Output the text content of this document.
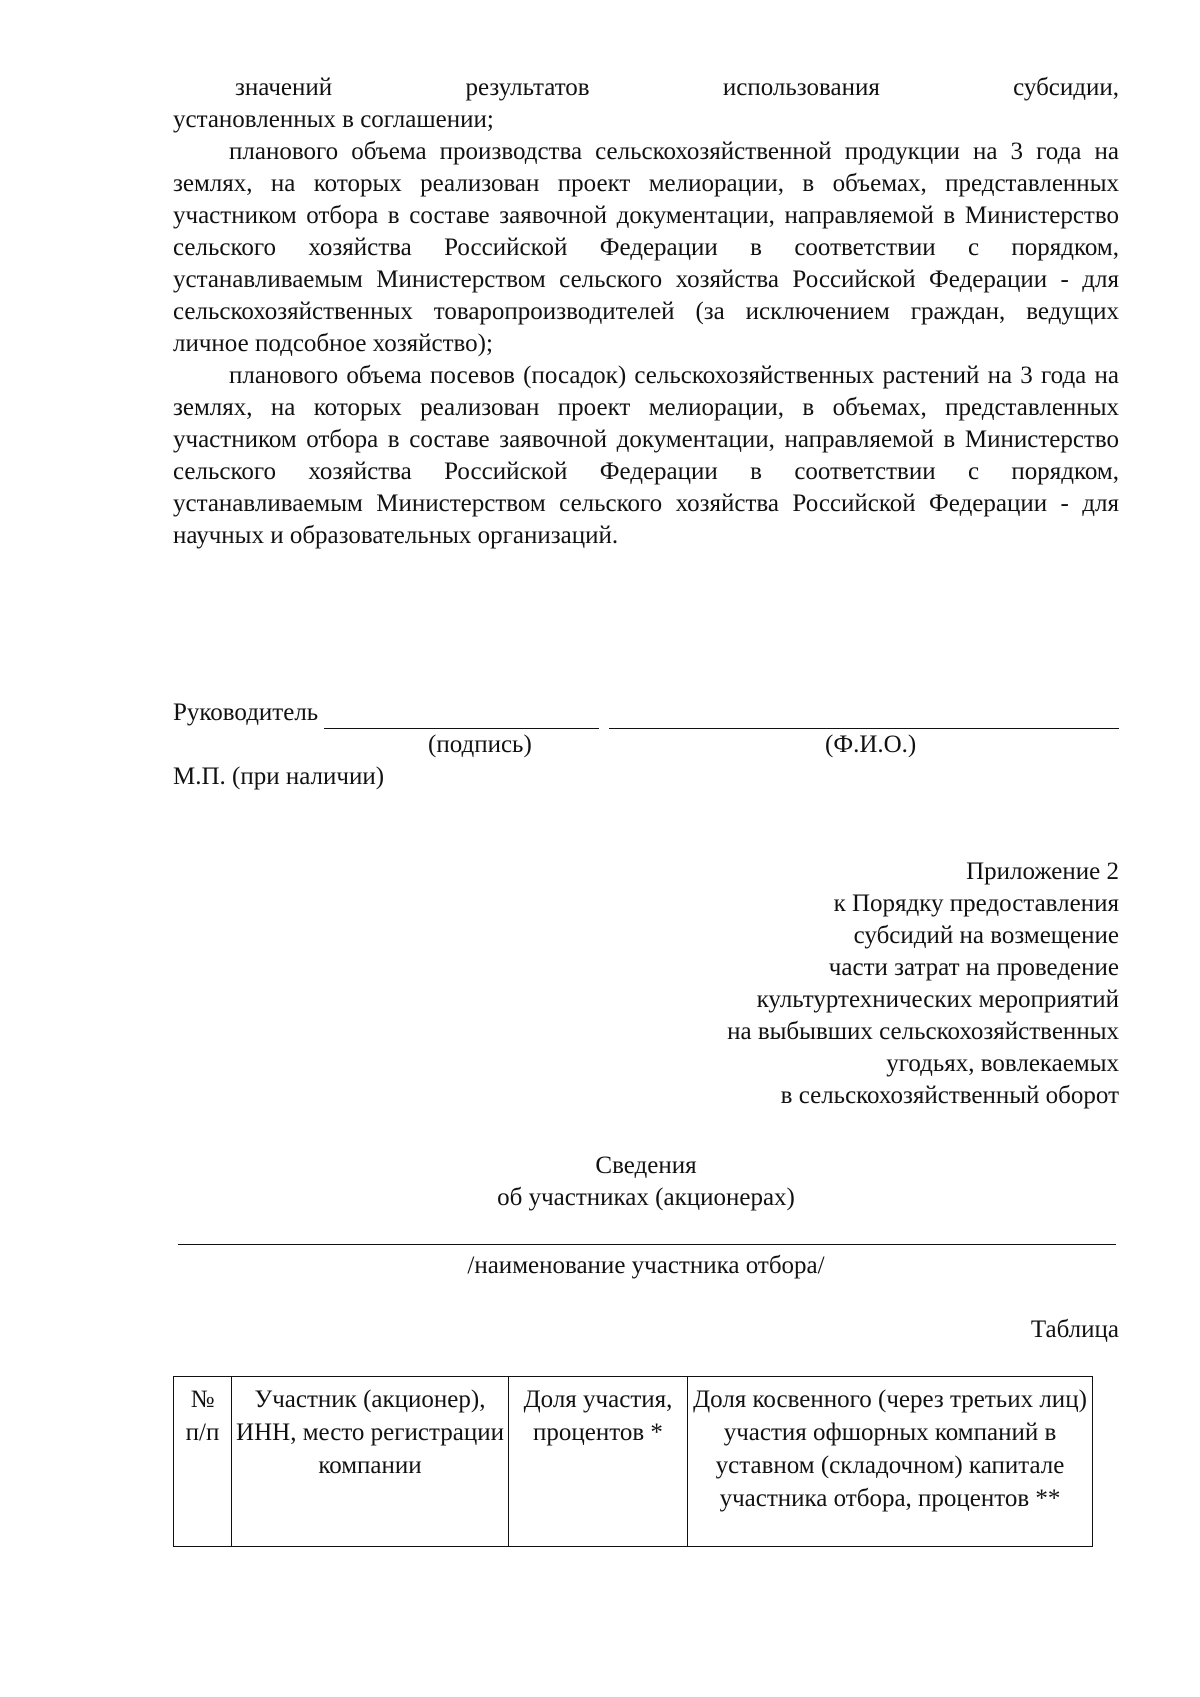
значений	результатов	использования	субсидии,

установленных в соглашении;

планового объема производства сельскохозяйственной продукции на 3 года на землях, на которых реализован проект мелиорации, в объемах, представленных участником отбора в составе заявочной документации, направляемой в Министерство сельского хозяйства Российской Федерации в соответствии с порядком, устанавливаемым Министерством сельского хозяйства Российской Федерации - для сельскохозяйственных товаропроизводителей (за исключением граждан, ведущих личное подсобное хозяйство);

планового объема посевов (посадок) сельскохозяйственных растений на 3 года на землях, на которых реализован проект мелиорации, в объемах, представленных участником отбора в составе заявочной документации, направляемой в Министерство сельского хозяйства Российской Федерации в соответствии с порядком, устанавливаемым Министерством сельского хозяйства Российской Федерации - для научных и образовательных организаций.

Руководитель
(подпись)	(Ф.И.О.)
М.П. (при наличии)
Приложение 2
к Порядку предоставления
субсидий на возмещение
части затрат на проведение
культуртехнических мероприятий
на выбывших сельскохозяйственных
угодьях, вовлекаемых
в сельскохозяйственный оборот
Сведения
об участниках (акционерах)
/наименование участника отбора/
Таблица
№ п/п	Участник (акционер), ИНН, место регистрации компании	Доля участия, процентов *	Доля косвенного (через третьих лиц) участия офшорных компаний в уставном (складочном) капитале участника отбора, процентов **
